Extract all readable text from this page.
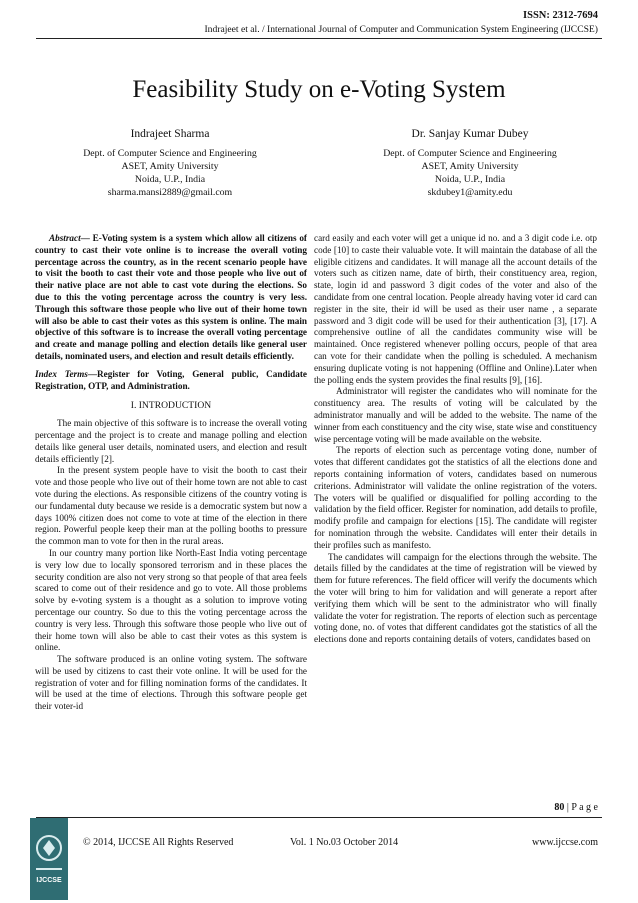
ISSN: 2312-7694
Indrajeet et al. / International Journal of Computer and Communication System Engineering (IJCCSE)
Feasibility Study on e-Voting System
Indrajeet Sharma
Dept. of Computer Science and Engineering
ASET, Amity University
Noida, U.P., India
sharma.mansi2889@gmail.com
Dr. Sanjay Kumar Dubey
Dept. of Computer Science and Engineering
ASET, Amity University
Noida, U.P., India
skdubey1@amity.edu

Abstract— E-Voting system is a system which allow all citizens of country to cast their vote online is to increase the overall voting percentage across the country, as in the recent scenario people have to visit the booth to cast their vote and those people who live out of their native place are not able to cast vote during the elections. So due to this the voting percentage across the country is very less. Through this software those people who live out of their home town will also be able to cast their votes as this system is online. The main objective of this software is to increase the overall voting percentage and create and manage polling and election details like general user details, nominated users, and election and result details efficiently.

Index Terms—Register for Voting, General public, Candidate Registration, OTP, and Administration.

I. INTRODUCTION

The main objective of this software is to increase the overall voting percentage and the project is to create and manage polling and election details like general user details, nominated users, and election and result details efficiently [2].

In the present system people have to visit the booth to cast their vote and those people who live out of their home town are not able to cast vote during the elections. As responsible citizens of the country voting is our fundamental duty because we reside is a democratic system but now a days 100% citizen does not come to vote at time of the election in there region. Powerful people keep their man at the polling booths to pressure the common man to vote for then in the rural areas.

In our country many portion like North-East India voting percentage is very low due to locally sponsored terrorism and in these places the security condition are also not very strong so that people of that area feels scared to come out of their residence and go to vote. All those problems solve by e-voting system is a thought as a solution to improve voting percentage our country. So due to this the voting percentage across the country is very less. Through this software those people who live out of their home town will also be able to cast their votes as this system is online.

The software produced is an online voting system. The software will be used by citizens to cast their vote online. It will be used for the registration of voter and for filling nomination forms of the candidates. It will be used at the time of elections. Through this software people get their voter-id

card easily and each voter will get a unique id no. and a 3 digit code i.e. otp code [10] to caste their valuable vote. It will maintain the database of all the eligible citizens and candidates. It will manage all the account details of the voters such as citizen name, date of birth, their constituency area, region, state, login id and password 3 digit codes of the voter and also of the candidate from one central location. People already having voter id card can register in the site, their id will be used as their user name , a separate password and 3 digit code will be used for their authentication [3], [17]. A comprehensive outline of all the candidates community wise will be maintained. Once registered whenever polling occurs, people of that area can vote for their candidate when the polling is scheduled. A mechanism ensuring duplicate voting is not happening (Offline and Online).Later when the polling ends the system provides the final results [9], [16].

Administrator will register the candidates who will nominate for the constituency area. The results of voting will be calculated by the administrator manually and will be added to the website. The name of the winner from each constituency and the city wise, state wise and constituency wise percentage voting will be made available on the website.

The reports of election such as percentage voting done, number of votes that different candidates got the statistics of all the elections done and reports containing information of voters, candidates based on numerous criterions. Administrator will validate the online registration of the voters. The voters will be qualified or disqualified for polling according to the validation by the field officer. Register for nomination, add details to profile, modify profile and campaign for elections [15]. The candidate will register for nomination through the website. Candidates will enter their details in their profiles such as manifesto.

The candidates will campaign for the elections through the website. The details filled by the candidates at the time of registration will be viewed by them for future references. The field officer will verify the documents which the voter will bring to him for validation and will generate a report after verifying them which will be sent to the administrator who will finally validate the voter for registration. The reports of election such as percentage voting done, no. of votes that different candidates got the statistics of all the elections done and reports containing details of voters, candidates based on

80 | P a g e
IJCCSE
© 2014, IJCCSE All Rights Reserved	Vol. 1 No.03 October 2014	www.ijccse.com
